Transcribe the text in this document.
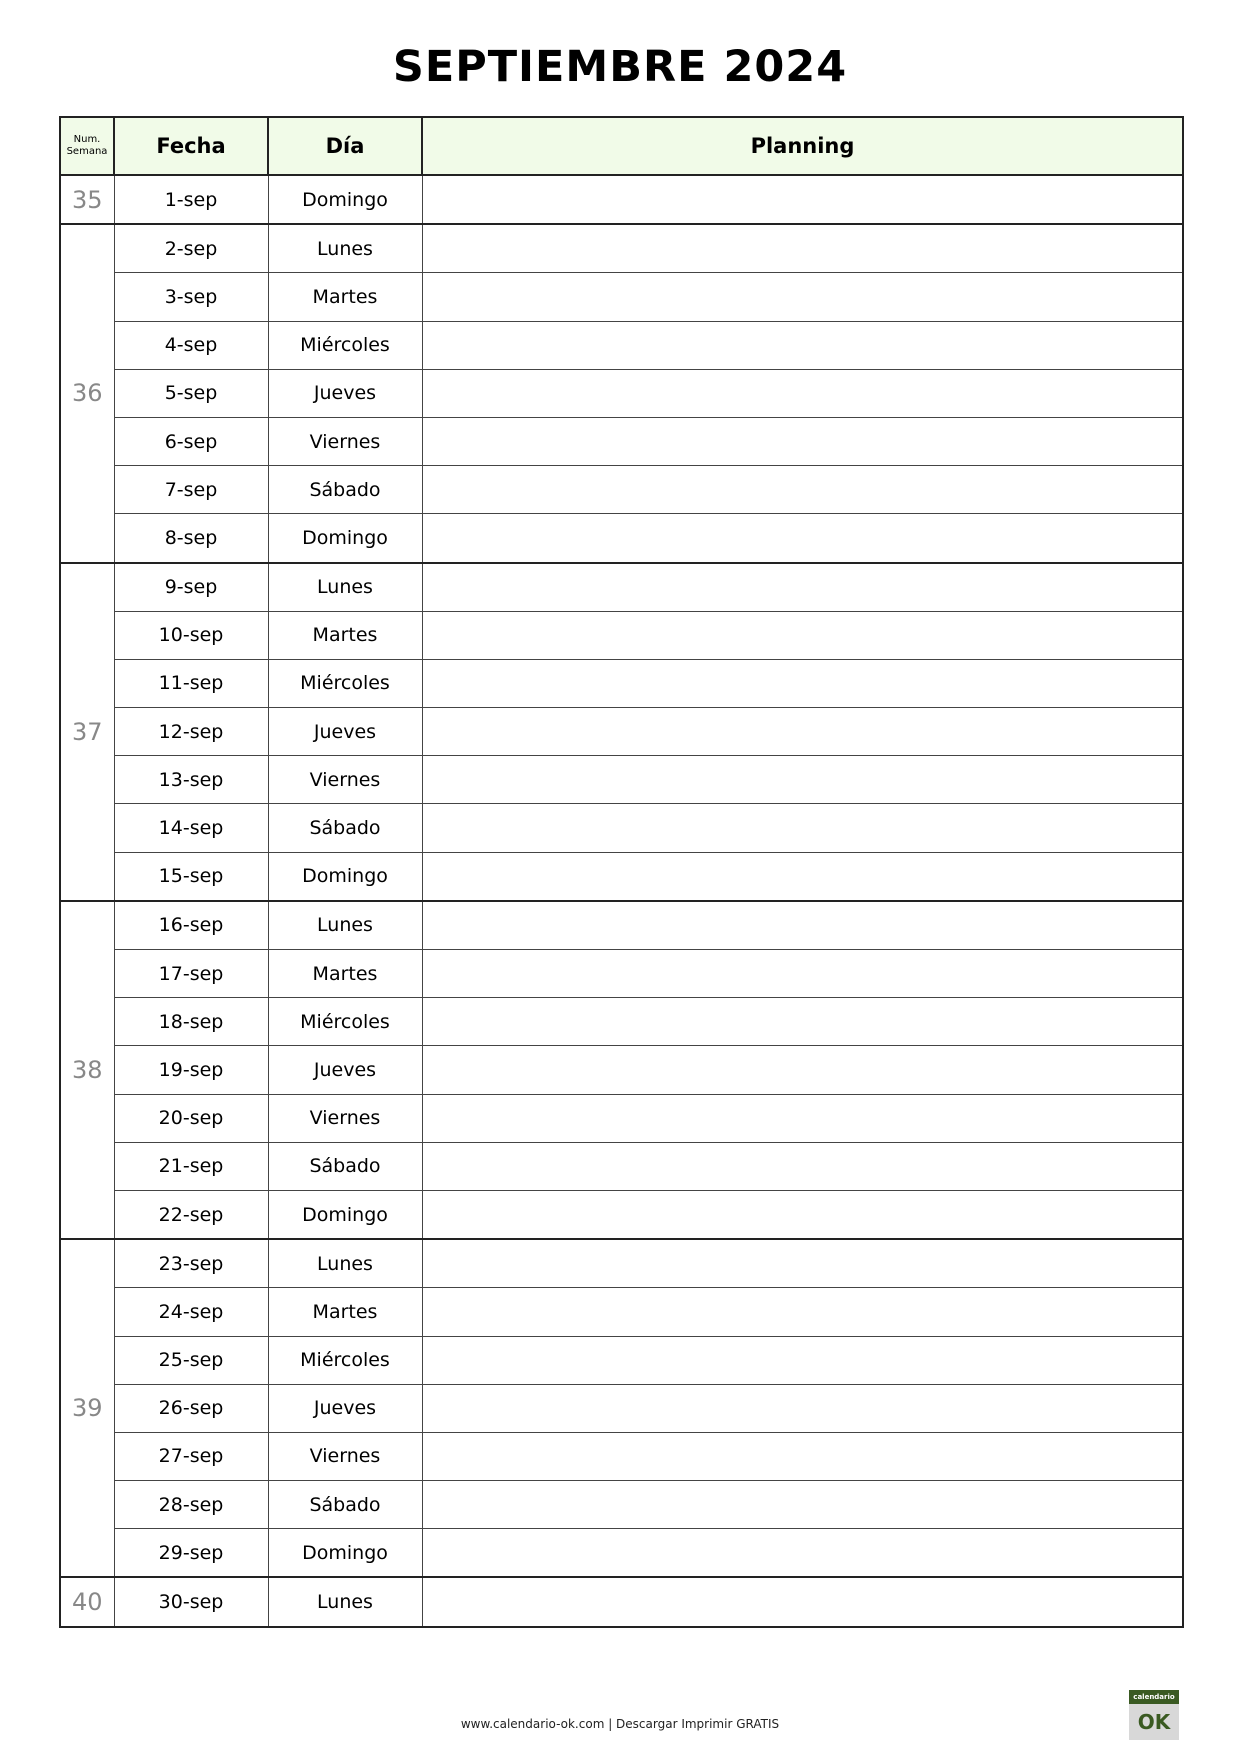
SEPTIEMBRE 2024
Num.
Semana	Fecha	Día	Planning
35	1-sep	Domingo	
36	2-sep	Lunes	
	3-sep	Martes	
	4-sep	Miércoles	
	5-sep	Jueves	
	6-sep	Viernes	
	7-sep	Sábado	
	8-sep	Domingo	
37	9-sep	Lunes	
	10-sep	Martes	
	11-sep	Miércoles	
	12-sep	Jueves	
	13-sep	Viernes	
	14-sep	Sábado	
	15-sep	Domingo	
38	16-sep	Lunes	
	17-sep	Martes	
	18-sep	Miércoles	
	19-sep	Jueves	
	20-sep	Viernes	
	21-sep	Sábado	
	22-sep	Domingo	
39	23-sep	Lunes	
	24-sep	Martes	
	25-sep	Miércoles	
	26-sep	Jueves	
	27-sep	Viernes	
	28-sep	Sábado	
	29-sep	Domingo	
40	30-sep	Lunes	
www.calendario-ok.com | Descargar Imprimir GRATIS
calendario
OK
